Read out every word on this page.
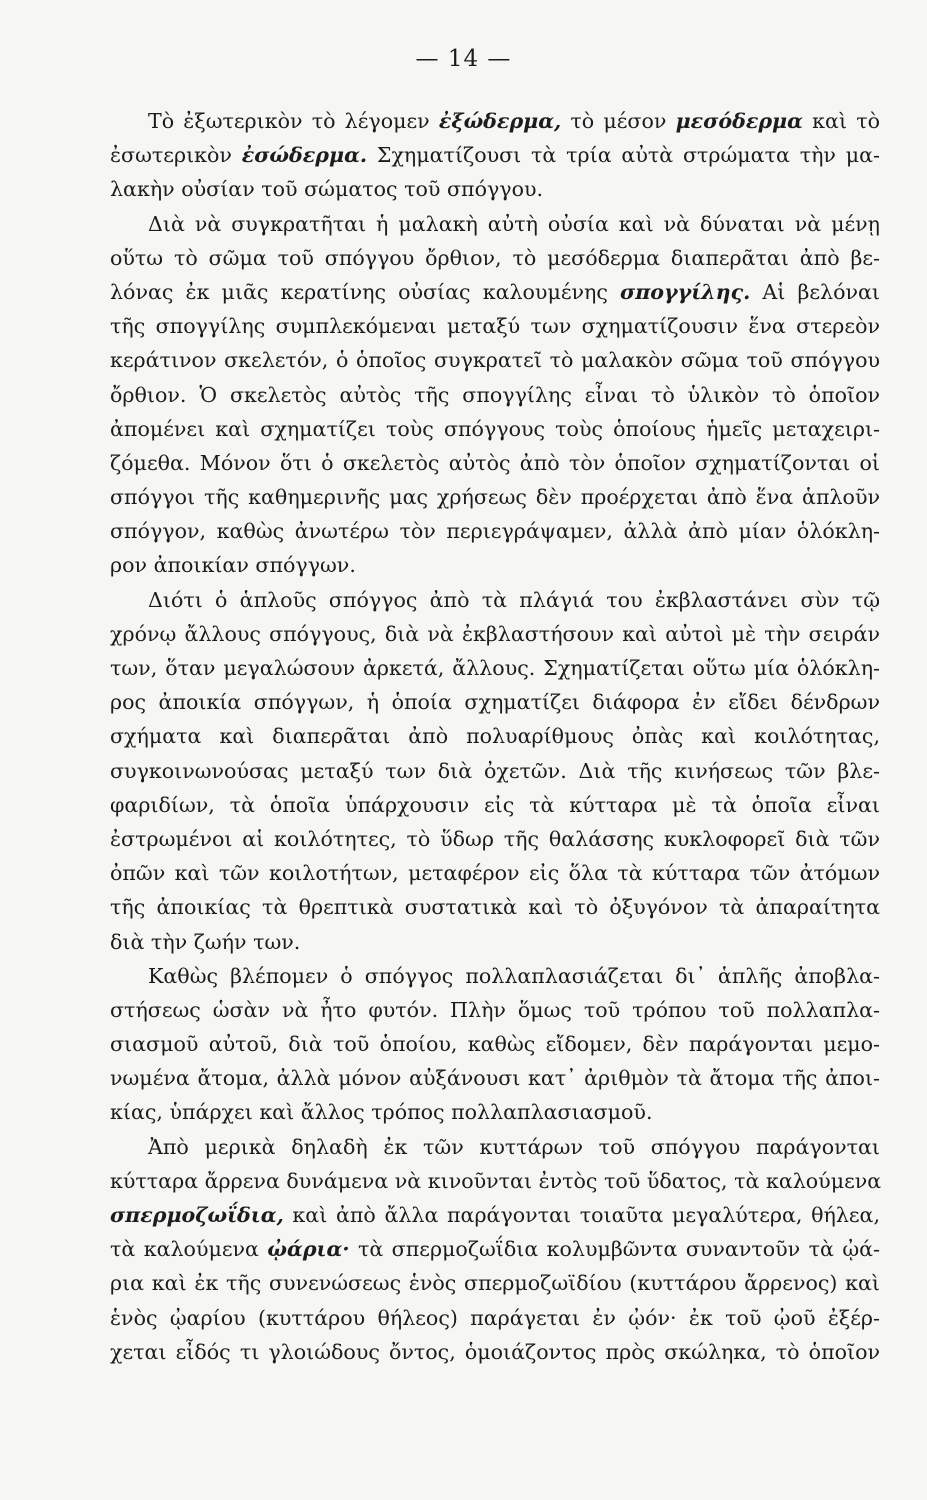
— 14 —
Τὸ ἐξωτερικὸν τὸ λέγομεν ἐξώδερμα, τὸ μέσον μεσόδερμα καὶ τὸ
ἐσωτερικὸν ἐσώδερμα. Σχηματίζουσι τὰ τρία αὐτὰ στρώματα τὴν μα-
λακὴν οὐσίαν τοῦ σώματος τοῦ σπόγγου.
Διὰ νὰ συγκρατῆται ἡ μαλακὴ αὐτὴ οὐσία καὶ νὰ δύναται νὰ μένῃ
οὕτω τὸ σῶμα τοῦ σπόγγου ὄρθιον, τὸ μεσόδερμα διαπερᾶται ἀπὸ βε-
λόνας ἐκ μιᾶς κερατίνης οὐσίας καλουμένης σπογγίλης. Αἱ βελόναι
τῆς σπογγίλης συμπλεκόμεναι μεταξύ των σχηματίζουσιν ἕνα στερεὸν
κεράτινον σκελετόν, ὁ ὁποῖος συγκρατεῖ τὸ μαλακὸν σῶμα τοῦ σπόγγου
ὄρθιον. Ὁ σκελετὸς αὐτὸς τῆς σπογγίλης εἶναι τὸ ὑλικὸν τὸ ὁποῖον
ἀπομένει καὶ σχηματίζει τοὺς σπόγγους τοὺς ὁποίους ἡμεῖς μεταχειρι-
ζόμεθα. Μόνον ὅτι ὁ σκελετὸς αὐτὸς ἀπὸ τὸν ὁποῖον σχηματίζονται οἱ
σπόγγοι τῆς καθημερινῆς μας χρήσεως δὲν προέρχεται ἀπὸ ἕνα ἁπλοῦν
σπόγγον, καθὼς ἀνωτέρω τὸν περιεγράψαμεν, ἀλλὰ ἀπὸ μίαν ὁλόκλη-
ρον ἀποικίαν σπόγγων.
Διότι ὁ ἁπλοῦς σπόγγος ἀπὸ τὰ πλάγιά του ἐκβλαστάνει σὺν τῷ
χρόνῳ ἄλλους σπόγγους, διὰ νὰ ἐκβλαστήσουν καὶ αὐτοὶ μὲ τὴν σειράν
των, ὅταν μεγαλώσουν ἀρκετά, ἄλλους. Σχηματίζεται οὕτω μία ὁλόκλη-
ρος ἀποικία σπόγγων, ἡ ὁποία σχηματίζει διάφορα ἐν εἴδει δένδρων
σχήματα καὶ διαπερᾶται ἀπὸ πολυαρίθμους ὀπὰς καὶ κοιλότητας,
συγκοινωνούσας μεταξύ των διὰ ὀχετῶν. Διὰ τῆς κινήσεως τῶν βλε-
φαριδίων, τὰ ὁποῖα ὑπάρχουσιν εἰς τὰ κύτταρα μὲ τὰ ὁποῖα εἶναι
ἐστρωμένοι αἱ κοιλότητες, τὸ ὕδωρ τῆς θαλάσσης κυκλοφορεῖ διὰ τῶν
ὀπῶν καὶ τῶν κοιλοτήτων, μεταφέρον εἰς ὅλα τὰ κύτταρα τῶν ἀτόμων
τῆς ἀποικίας τὰ θρεπτικὰ συστατικὰ καὶ τὸ ὀξυγόνον τὰ ἀπαραίτητα
διὰ τὴν ζωήν των.
Καθὼς βλέπομεν ὁ σπόγγος πολλαπλασιάζεται δι᾽ ἁπλῆς ἀποβλα-
στήσεως ὡσὰν νὰ ἦτο φυτόν. Πλὴν ὅμως τοῦ τρόπου τοῦ πολλαπλα-
σιασμοῦ αὐτοῦ, διὰ τοῦ ὁποίου, καθὼς εἴδομεν, δὲν παράγονται μεμο-
νωμένα ἄτομα, ἀλλὰ μόνον αὐξάνουσι κατ᾽ ἀριθμὸν τὰ ἄτομα τῆς ἀποι-
κίας, ὑπάρχει καὶ ἄλλος τρόπος πολλαπλασιασμοῦ.
Ἀπὸ μερικὰ δηλαδὴ ἐκ τῶν κυττάρων τοῦ σπόγγου παράγονται
κύτταρα ἄρρενα δυνάμενα νὰ κινοῦνται ἐντὸς τοῦ ὕδατος, τὰ καλούμενα
σπερμοζωΐδια, καὶ ἀπὸ ἄλλα παράγονται τοιαῦτα μεγαλύτερα, θήλεα,
τὰ καλούμενα ᾠάρια· τὰ σπερμοζωΐδια κολυμβῶντα συναντοῦν τὰ ᾠά-
ρια καὶ ἐκ τῆς συνενώσεως ἑνὸς σπερμοζωϊδίου (κυττάρου ἄρρενος) καὶ
ἑνὸς ᾠαρίου (κυττάρου θήλεος) παράγεται ἐν ᾠόν· ἐκ τοῦ ᾠοῦ ἐξέρ-
χεται εἶδός τι γλοιώδους ὄντος, ὁμοιάζοντος πρὸς σκώληκα, τὸ ὁποῖον
